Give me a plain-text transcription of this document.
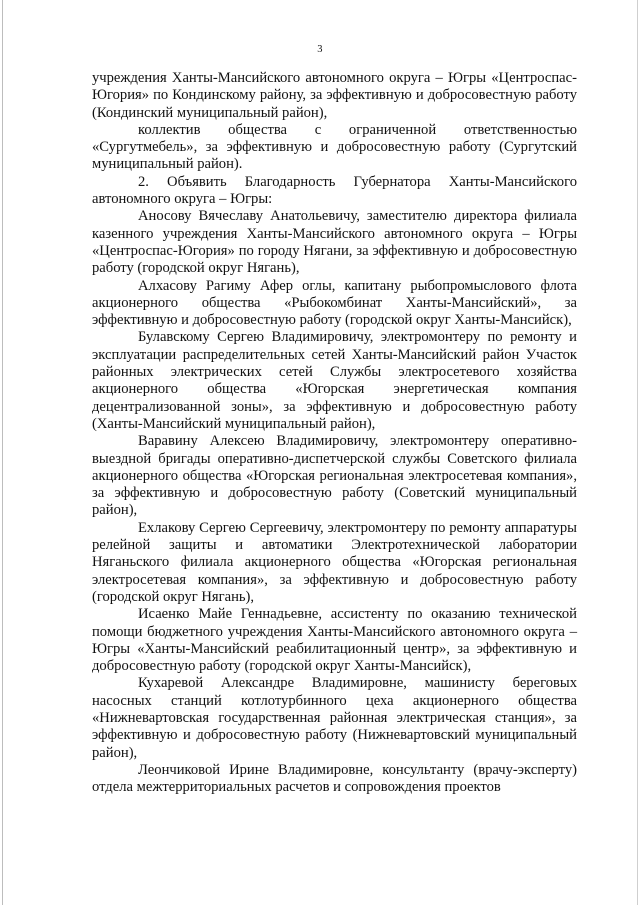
3

учреждения Ханты-Мансийского автономного округа – Югры «Центроспас-Югория» по Кондинскому району, за эффективную и добросовестную работу (Кондинский муниципальный район),

коллектив общества с ограниченной ответственностью «Сургутмебель», за эффективную и добросовестную работу (Сургутский муниципальный район).

2. Объявить Благодарность Губернатора Ханты-Мансийского автономного округа – Югры:

Аносову Вячеславу Анатольевичу, заместителю директора филиала казенного учреждения Ханты-Мансийского автономного округа – Югры «Центроспас-Югория» по городу Нягани, за эффективную и добросовестную работу (городской округ Нягань),

Алхасову Рагиму Афер оглы, капитану рыбопромыслового флота акционерного общества «Рыбокомбинат Ханты-Мансийский», за эффективную и добросовестную работу (городской округ Ханты-Мансийск),

Булавскому Сергею Владимировичу, электромонтеру по ремонту и эксплуатации распределительных сетей Ханты-Мансийский район Участок районных электрических сетей Службы электросетевого хозяйства акционерного общества «Югорская энергетическая компания децентрализованной зоны», за эффективную и добросовестную работу (Ханты-Мансийский муниципальный район),

Варавину Алексею Владимировичу, электромонтеру оперативно-выездной бригады оперативно-диспетчерской службы Советского филиала акционерного общества «Югорская региональная электросетевая компания», за эффективную и добросовестную работу (Советский муниципальный район),

Ехлакову Сергею Сергеевичу, электромонтеру по ремонту аппаратуры релейной защиты и автоматики Электротехнической лаборатории Няганьского филиала акционерного общества «Югорская региональная электросетевая компания», за эффективную и добросовестную работу (городской округ Нягань),

Исаенко Майе Геннадьевне, ассистенту по оказанию технической помощи бюджетного учреждения Ханты-Мансийского автономного округа – Югры «Ханты-Мансийский реабилитационный центр», за эффективную и добросовестную работу (городской округ Ханты-Мансийск),

Кухаревой Александре Владимировне, машинисту береговых насосных станций котлотурбинного цеха акционерного общества «Нижневартовская государственная районная электрическая станция», за эффективную и добросовестную работу (Нижневартовский муниципальный район),

Леончиковой Ирине Владимировне, консультанту (врачу-эксперту) отдела межтерриториальных расчетов и сопровождения проектов
